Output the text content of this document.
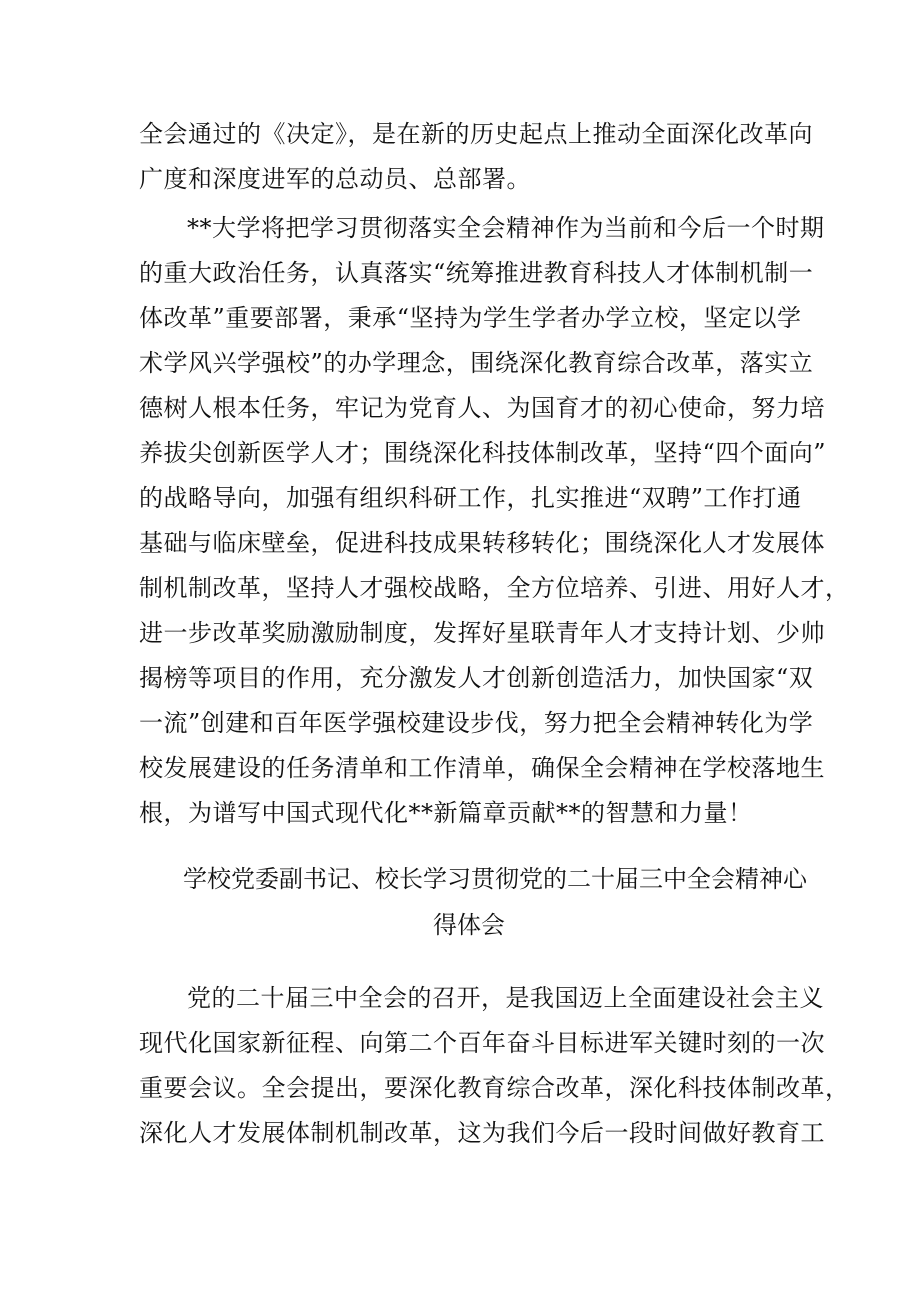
全会通过的《决定》，是在新的历史起点上推动全面深化改革向
广度和深度进军的总动员、总部署。
**大学将把学习贯彻落实全会精神作为当前和今后一个时期
的重大政治任务，认真落实“统筹推进教育科技人才体制机制一
体改革”重要部署，秉承“坚持为学生学者办学立校，坚定以学
术学风兴学强校”的办学理念，围绕深化教育综合改革，落实立
德树人根本任务，牢记为党育人、为国育才的初心使命，努力培
养拔尖创新医学人才；围绕深化科技体制改革，坚持“四个面向”
的战略导向，加强有组织科研工作，扎实推进“双聘”工作打通
基础与临床壁垒，促进科技成果转移转化；围绕深化人才发展体
制机制改革，坚持人才强校战略，全方位培养、引进、用好人才，
进一步改革奖励激励制度，发挥好星联青年人才支持计划、少帅
揭榜等项目的作用，充分激发人才创新创造活力，加快国家“双
一流”创建和百年医学强校建设步伐，努力把全会精神转化为学
校发展建设的任务清单和工作清单，确保全会精神在学校落地生
根，为谱写中国式现代化**新篇章贡献**的智慧和力量！
学校党委副书记、校长学习贯彻党的二十届三中全会精神心
得体会
党的二十届三中全会的召开，是我国迈上全面建设社会主义
现代化国家新征程、向第二个百年奋斗目标进军关键时刻的一次
重要会议。全会提出，要深化教育综合改革，深化科技体制改革，
深化人才发展体制机制改革，这为我们今后一段时间做好教育工
